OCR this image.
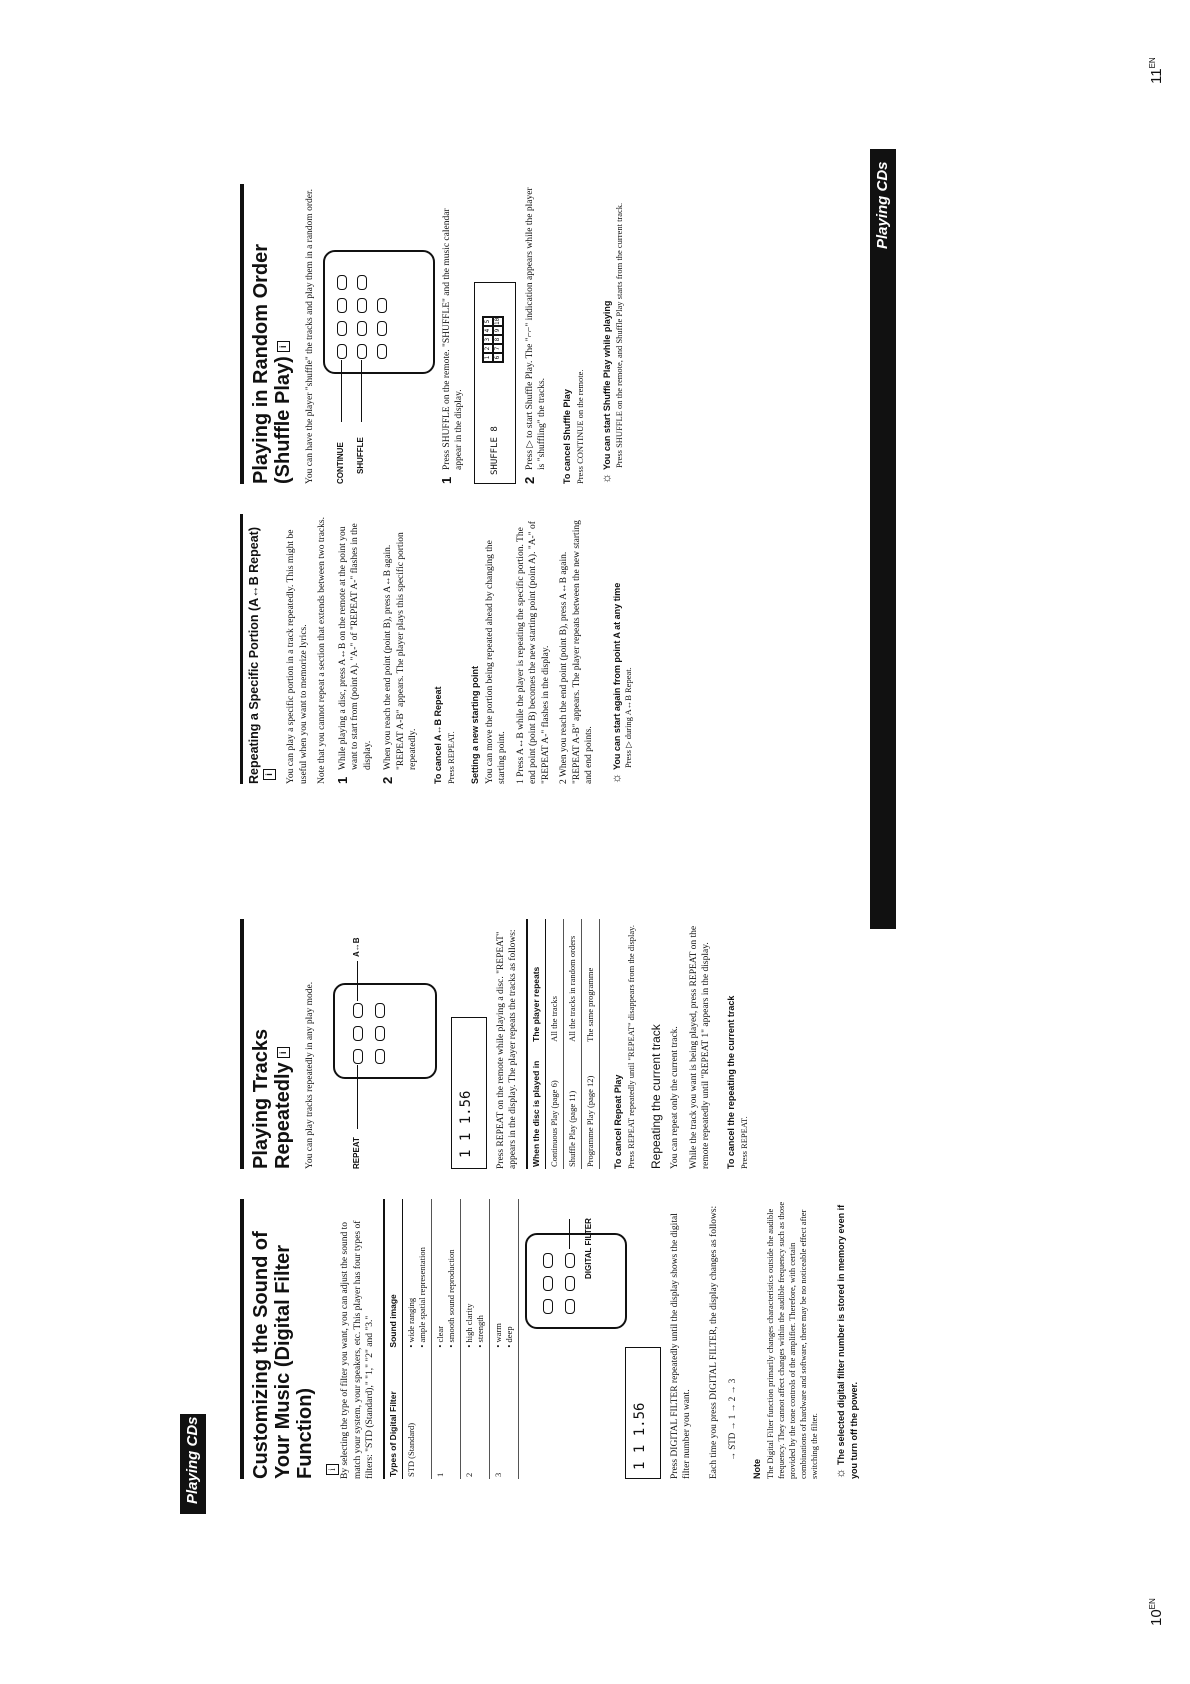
$10^{EN}$
$11^{EN}$
Playing CDs
Playing CDs
Customizing the Sound of Your Music (Digital Filter Function) i By selecting the type of filter you want, you can adjust the sound to match your system, your speakers, etc. This player has four types of filters: "STD (Standard)," "1," "2" and "3." Types of Digital Filter	Sound image
STD (Standard)	• wide ranging
• ample spatial representation
1	• clear
• smooth sound reproduction
2	• high clarity
• strength
3	• warm
• deep
DIGITAL FILTER
1 1 1.56 Press DIGITAL FILTER repeatedly until the display shows the digital filter number you want. Each time you press DIGITAL FILTER, the display changes as follows: → STD → 1 → 2 → 3
Note The Digital Filter function primarily changes characteristics outside the audible frequency. They cannot affect changes within the audible frequency such as those provided by the tone controls of the amplifier. Therefore, with certain combinations of hardware and software, there may be no noticeable effect after switching the filter. ☼The selected digital filter number is stored in memory even if you turn off the power.
Playing Tracks Repeatedlyi	You can play tracks repeatedly in any play mode.	REPEAT
A↔B
1 1 1.56 Press REPEAT on the remote while playing a disc. "REPEAT" appears in the display. The player repeats the tracks as follows: When the disc is played in	The player repeats
Continuous Play (page 6)	All the tracks
Shuffle Play (page 11)	All the tracks in random orders
Programme Play (page 12)	The same programme
To cancel Repeat Play Press REPEAT repeatedly until "REPEAT" disappears from the display. Repeating the current track You can repeat only the current track. While the track you want is being played, press REPEAT on the remote repeatedly until "REPEAT 1" appears in the display. To cancel the repeating the current track Press REPEAT.

Repeating a Specific Portion (A↔B Repeat) i You can play a specific portion in a track repeatedly. This might be useful when you want to memorize lyrics. Note that you cannot repeat a section that extends between two tracks. 1
While playing a disc, press A↔B on the remote at the point you want to start from (point A). "A-" of "REPEAT A-" flashes in the display.
2
When you reach the end point (point B), press A↔B again. "REPEAT A-B" appears. The player plays this specific portion repeatedly. To cancel A↔B Repeat Press REPEAT. Setting a new starting point You can move the portion being repeated ahead by changing the starting point. 1 Press A↔B while the player is repeating the specific portion. The end point (point B) becomes the new starting point (point A). "A-" of "REPEAT A-" flashes in the display. 2 When you reach the end point (point B), press A↔B again. "REPEAT A-B" appears. The player repeats between the new starting and end points. ☼You can start again from point A at any time Press ▷ during A↔B Repeat.

Playing in Random Order (Shuffle Play)i	You can have the player "shuffle" the tracks and play them in a random order.	CONTINUE	SHUFFLE
1
Press SHUFFLE on the remote. "SHUFFLE" and the music calendar appear in the display.	SHUFFLE 8
1
2
3
4
5
6
7
8
9
10
2
Press ▷ to start Shuffle Play. The "⌐⌐" indication appears while the player is "shuffling" the tracks. To cancel Shuffle Play Press CONTINUE on the remote. ☼You can start Shuffle Play while playing Press SHUFFLE on the remote, and Shuffle Play starts from the current track.
